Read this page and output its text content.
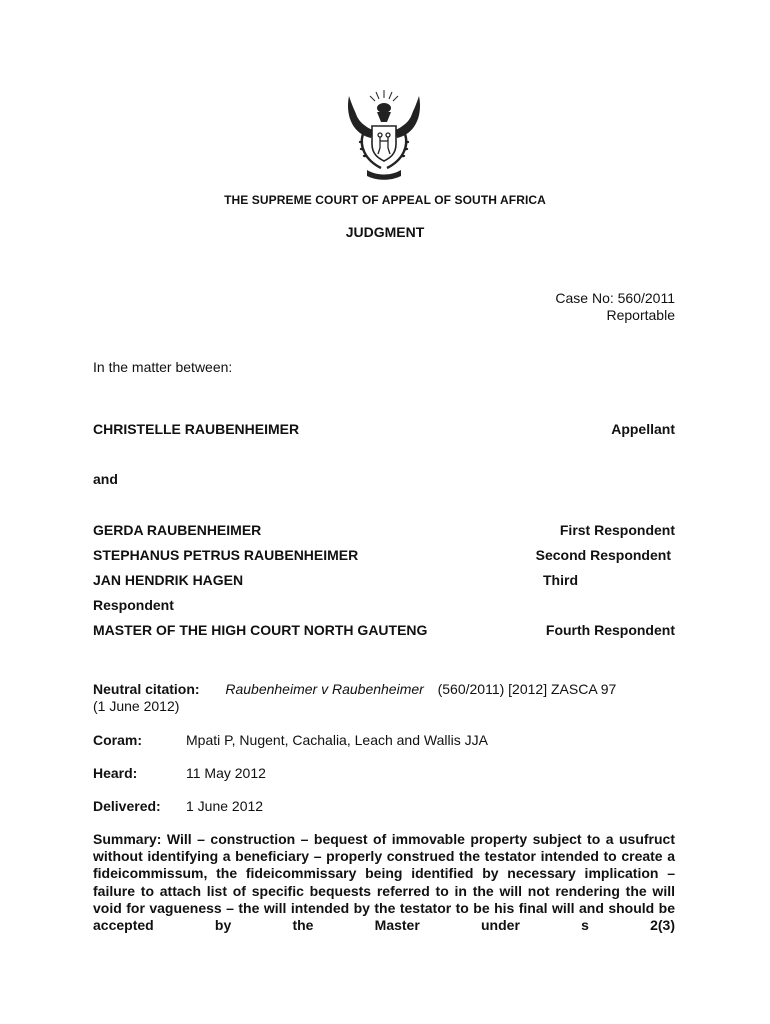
THE SUPREME COURT OF APPEAL OF SOUTH AFRICA
JUDGMENT
Case No: 560/2011
Reportable
In the matter between:
CHRISTELLE RAUBENHEIMER	Appellant
and
GERDA RAUBENHEIMER	First Respondent
STEPHANUS PETRUS RAUBENHEIMER	Second Respondent
JAN HENDRIK HAGEN	Third
Respondent
MASTER OF THE HIGH COURT NORTH GAUTENG	Fourth Respondent
Neutral citation: Raubenheimer v Raubenheimer (560/2011) [2012] ZASCA 97
(1 June 2012)
Coram:	Mpati P, Nugent, Cachalia, Leach and Wallis JJA
Heard:	11 May 2012
Delivered: 1 June 2012
Summary: Will – construction – bequest of immovable property subject to a usufruct without identifying a beneficiary – properly construed the testator intended to create a fideicommissum, the fideicommissary being identified by necessary implication – failure to attach list of specific bequests referred to in the will not rendering the will void for vagueness – the will intended by the testator to be his final will and should be accepted by the Master under s 2(3)
